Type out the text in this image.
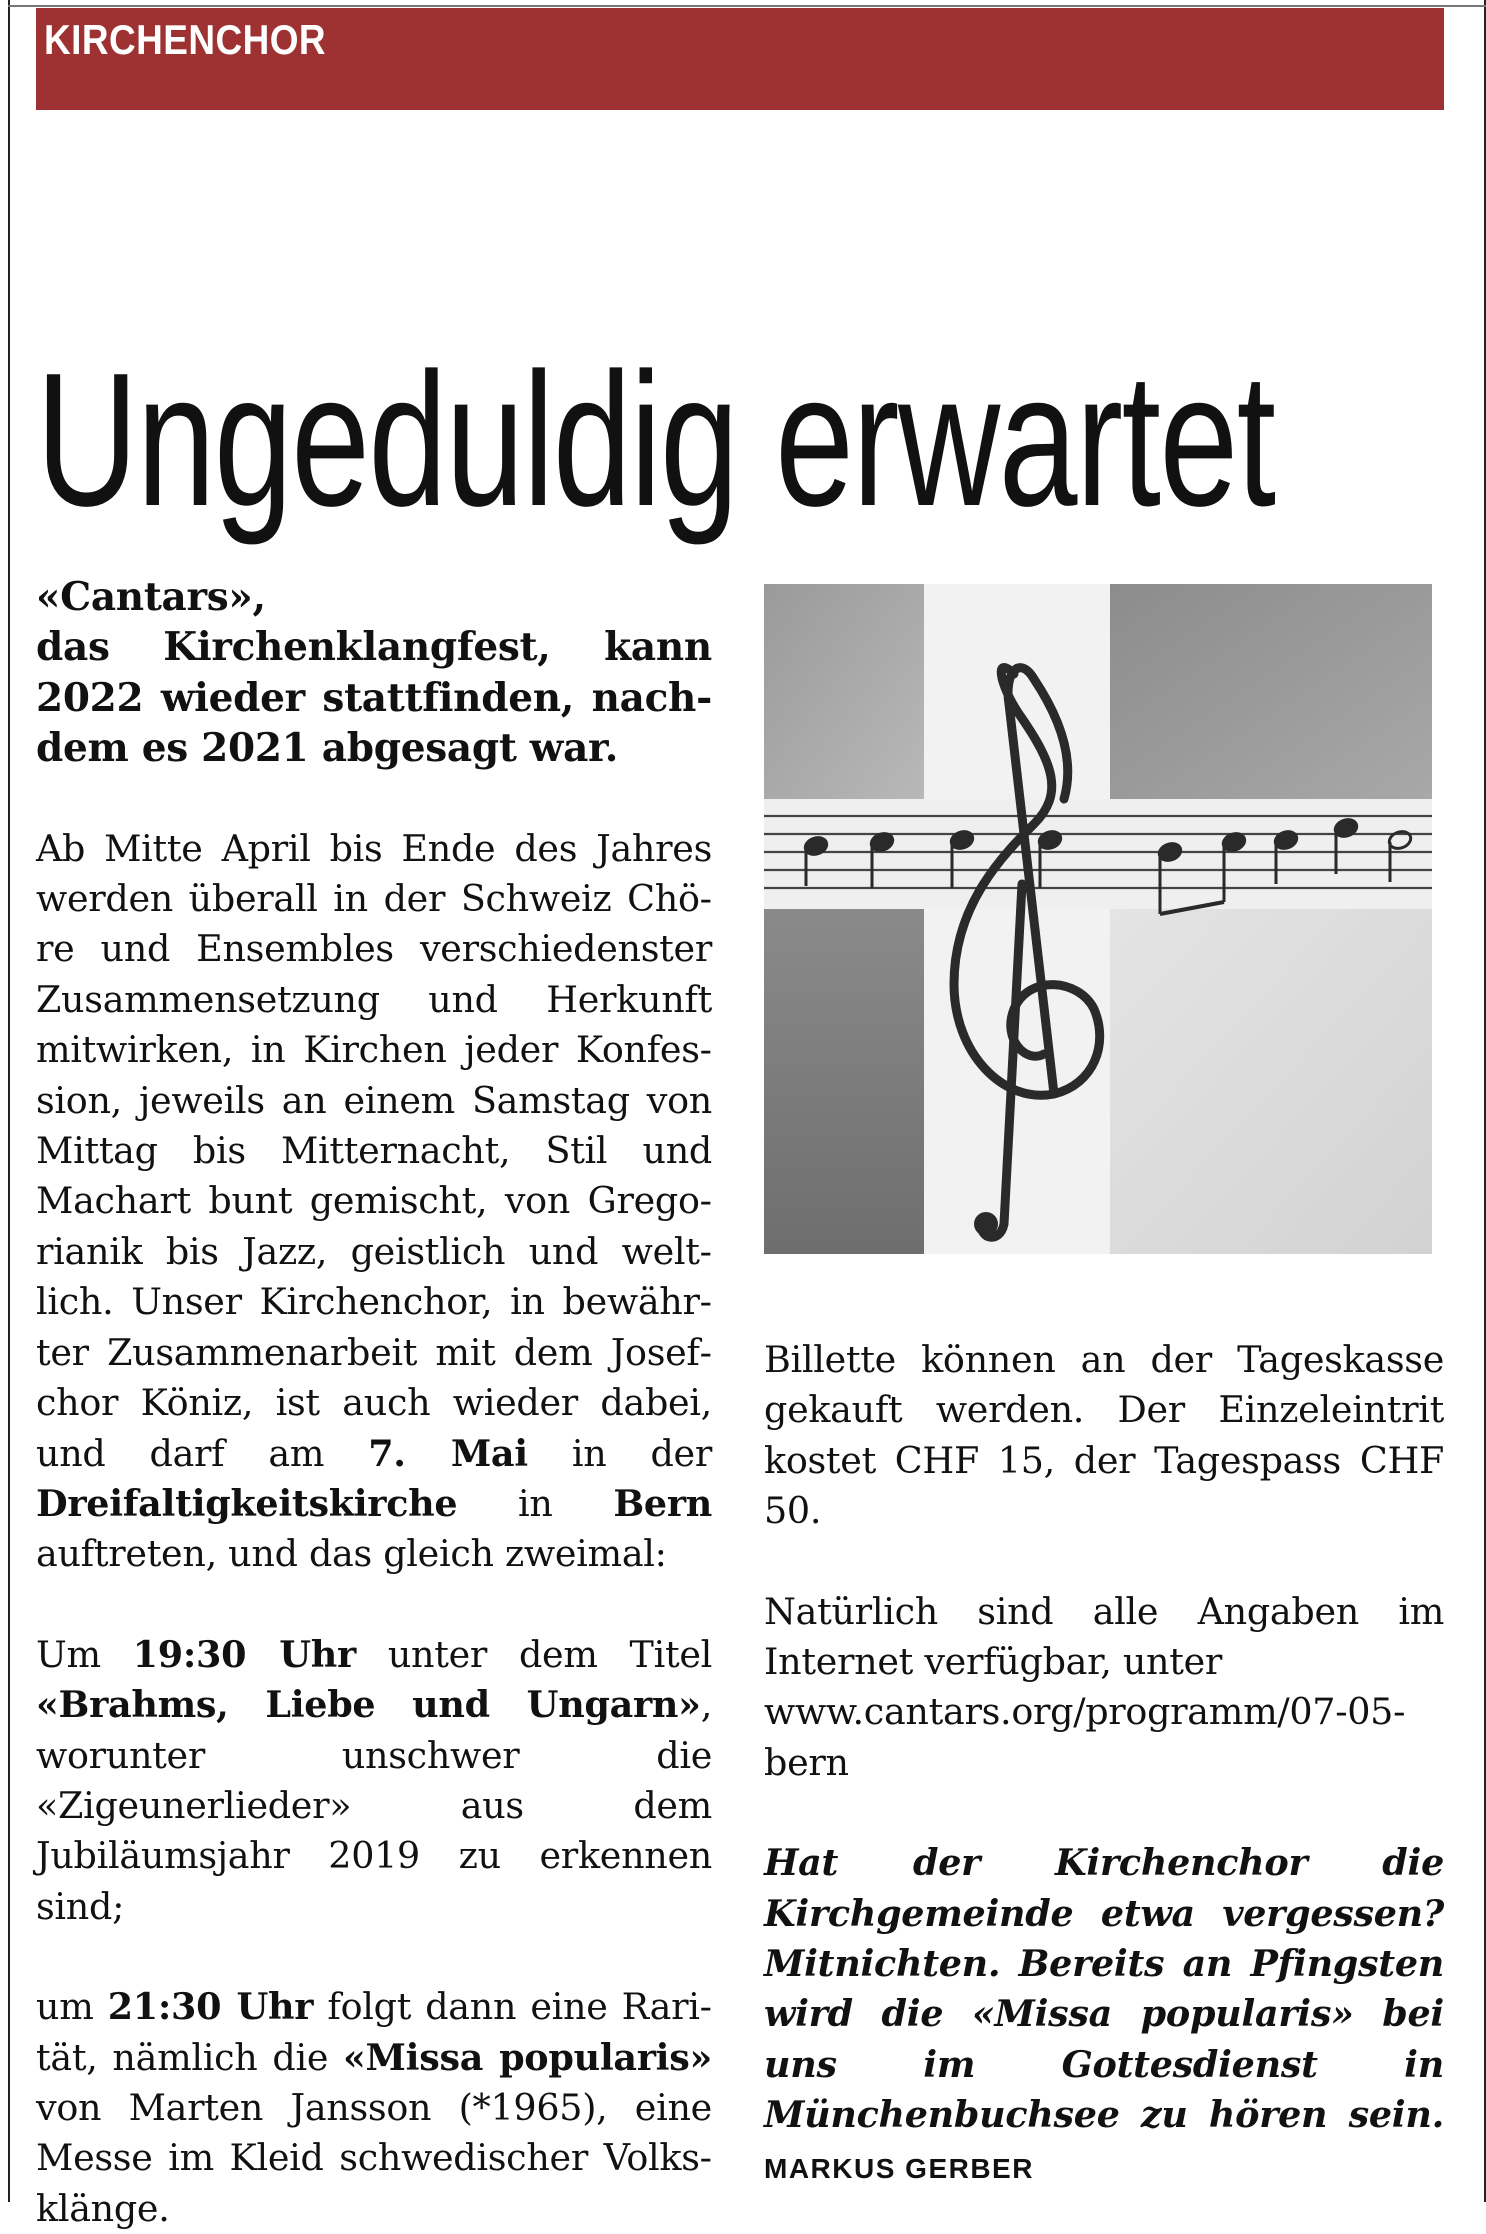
KIRCHENCHOR
Ungeduldig erwartet
«Cantars»,
das Kirchenklangfest, kann
2022 wieder stattfinden, nach-
dem es 2021 abgesagt war.

Ab Mitte April bis Ende des Jahres werden überall in der Schweiz Chöre und Ensembles verschiedenster Zusammensetzung und Herkunft mitwirken, in Kirchen jeder Konfession, jeweils an einem Samstag von Mittag bis Mitternacht, Stil und Machart bunt gemischt, von Gregorianik bis Jazz, geistlich und weltlich. Unser Kirchenchor, in bewährter Zusammenarbeit mit dem Josefchor Köniz, ist auch wieder dabei, und darf am 7. Mai in der Dreifaltigkeitskirche in Bern auftreten, und das gleich zweimal:

Um 19:30 Uhr unter dem Titel «Brahms, Liebe und Ungarn», worunter unschwer die «Zigeunerlieder» aus dem Jubiläumsjahr 2019 zu erkennen sind;

um 21:30 Uhr folgt dann eine Rarität, nämlich die «Missa popularis» von Marten Jansson (*1965), eine Messe im Kleid schwedischer Volksklänge.

Billette können an der Tageskasse gekauft werden. Der Einzeleintrit kostet CHF 15, der Tagespass CHF 50.

Natürlich sind alle Angaben im Internet verfügbar, unter
www.cantars.org/programm/07-05-
bern

Hat der Kirchenchor die Kirchgemeinde etwa vergessen? Mitnichten. Bereits an Pfingsten wird die «Missa popularis» bei uns im Gottesdienst in Münchenbuchsee zu hören sein. MARKUS GERBER
